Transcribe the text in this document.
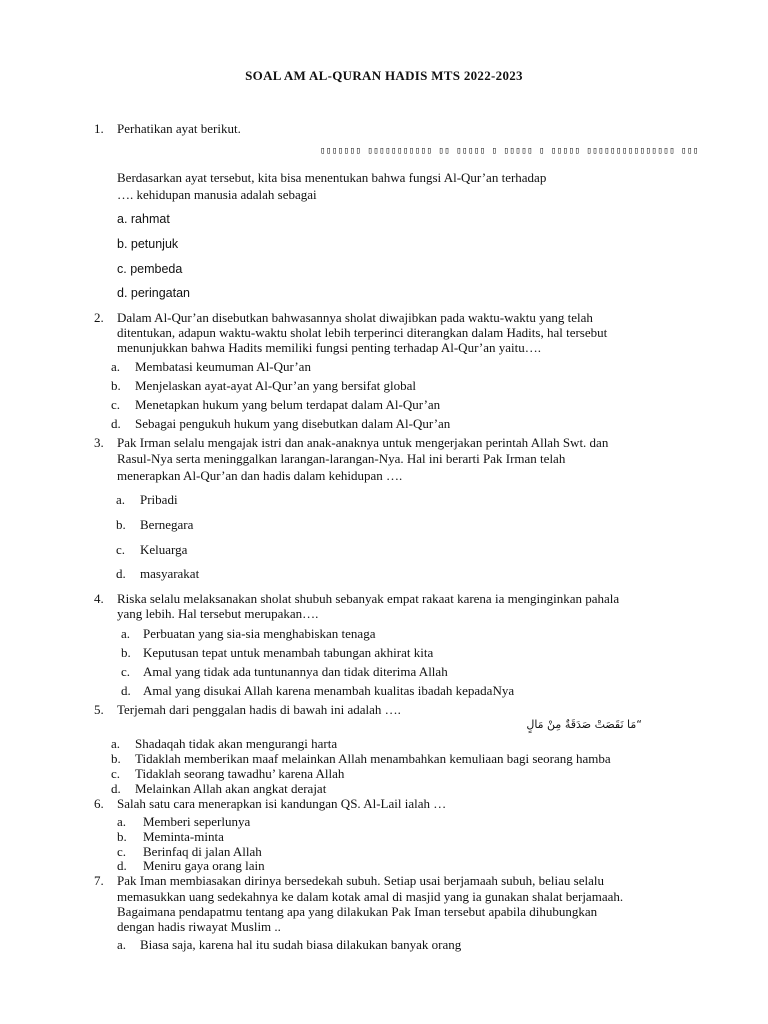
SOAL AM AL-QURAN HADIS MTS 2022-2023
1. Perhatikan ayat berikut.
▯▯▯▯▯▯▯ ▯▯▯▯▯▯▯▯▯▯▯ ▯▯ ▯▯▯▯▯ ▯ ▯▯▯▯▯ ▯ ▯▯▯▯▯ ▯▯▯▯▯▯▯▯▯▯▯▯▯▯▯ ▯▯▯
Berdasarkan ayat tersebut, kita bisa menentukan bahwa fungsi Al-Qur’an terhadap
…. kehidupan manusia adalah sebagai
a. rahmat
b. petunjuk
c. pembeda
d. peringatan
2. Dalam Al-Qur’an disebutkan bahwasannya sholat diwajibkan pada waktu-waktu yang telah
ditentukan, adapun waktu-waktu sholat lebih terperinci diterangkan dalam Hadits, hal tersebut
menunjukkan bahwa Hadits memiliki fungsi penting terhadap Al-Qur’an yaitu….
a. Membatasi keumuman Al-Qur’an
b. Menjelaskan ayat-ayat Al-Qur’an yang bersifat global
c. Menetapkan hukum yang belum terdapat dalam Al-Qur’an
d. Sebagai pengukuh hukum yang disebutkan dalam Al-Qur’an
3. Pak Irman selalu mengajak istri dan anak-anaknya untuk mengerjakan perintah Allah Swt. dan
Rasul-Nya serta meninggalkan larangan-larangan-Nya. Hal ini berarti Pak Irman telah
menerapkan Al-Qur’an dan hadis dalam kehidupan ….
a. Pribadi
b. Bernegara
c. Keluarga
d. masyarakat
4. Riska selalu melaksanakan sholat shubuh sebanyak empat rakaat karena ia menginginkan pahala
yang lebih. Hal tersebut merupakan….
a. Perbuatan yang sia-sia menghabiskan tenaga
b. Keputusan tepat untuk menambah tabungan akhirat kita
c. Amal yang tidak ada tuntunannya dan tidak diterima Allah
d. Amal yang disukai Allah karena menambah kualitas ibadah kepadaNya
5. Terjemah dari penggalan hadis di bawah ini adalah ….
“مَا نَقَصَتْ صَدَقَةٌ مِنْ مَالٍ
a. Shadaqah tidak akan mengurangi harta
b. Tidaklah memberikan maaf melainkan Allah menambahkan kemuliaan bagi seorang hamba
c. Tidaklah seorang tawadhu’ karena Allah
d. Melainkan Allah akan angkat derajat
6. Salah satu cara menerapkan isi kandungan QS. Al-Lail ialah …
a. Memberi seperlunya
b. Meminta-minta
c. Berinfaq di jalan Allah
d. Meniru gaya orang lain
7. Pak Iman membiasakan dirinya bersedekah subuh. Setiap usai berjamaah subuh, beliau selalu
memasukkan uang sedekahnya ke dalam kotak amal di masjid yang ia gunakan shalat berjamaah.
Bagaimana pendapatmu tentang apa yang dilakukan Pak Iman tersebut apabila dihubungkan
dengan hadis riwayat Muslim ..
a. Biasa saja, karena hal itu sudah biasa dilakukan banyak orang
